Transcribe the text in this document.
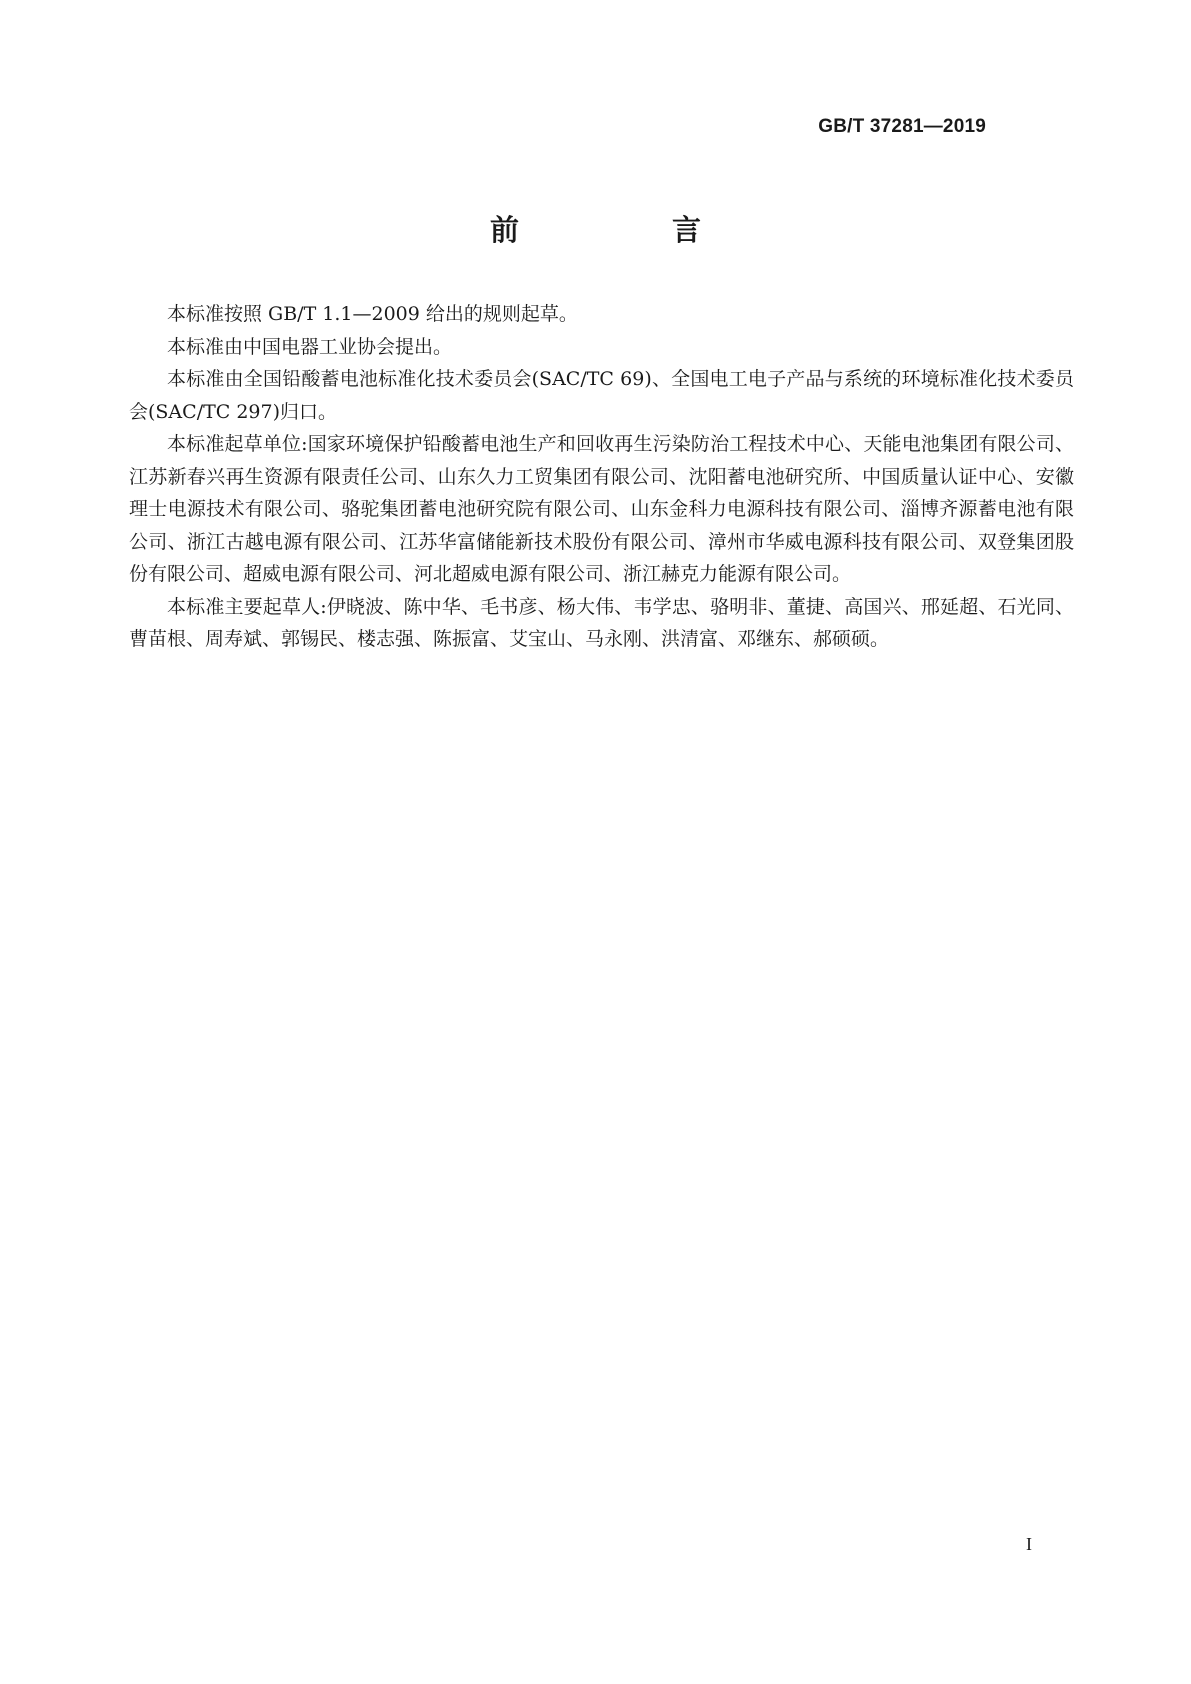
GB/T 37281—2019
前　言

本标准按照 GB/T 1.1—2009 给出的规则起草。

本标准由中国电器工业协会提出。

本标准由全国铅酸蓄电池标准化技术委员会(SAC/TC 69)、全国电工电子产品与系统的环境标准化技术委员会(SAC/TC 297)归口。

本标准起草单位:国家环境保护铅酸蓄电池生产和回收再生污染防治工程技术中心、天能电池集团有限公司、江苏新春兴再生资源有限责任公司、山东久力工贸集团有限公司、沈阳蓄电池研究所、中国质量认证中心、安徽理士电源技术有限公司、骆驼集团蓄电池研究院有限公司、山东金科力电源科技有限公司、淄博齐源蓄电池有限公司、浙江古越电源有限公司、江苏华富储能新技术股份有限公司、漳州市华威电源科技有限公司、双登集团股份有限公司、超威电源有限公司、河北超威电源有限公司、浙江赫克力能源有限公司。

本标准主要起草人:伊晓波、陈中华、毛书彦、杨大伟、韦学忠、骆明非、董捷、高国兴、邢延超、石光同、曹苗根、周寿斌、郭锡民、楼志强、陈振富、艾宝山、马永刚、洪清富、邓继东、郝硕硕。

I
